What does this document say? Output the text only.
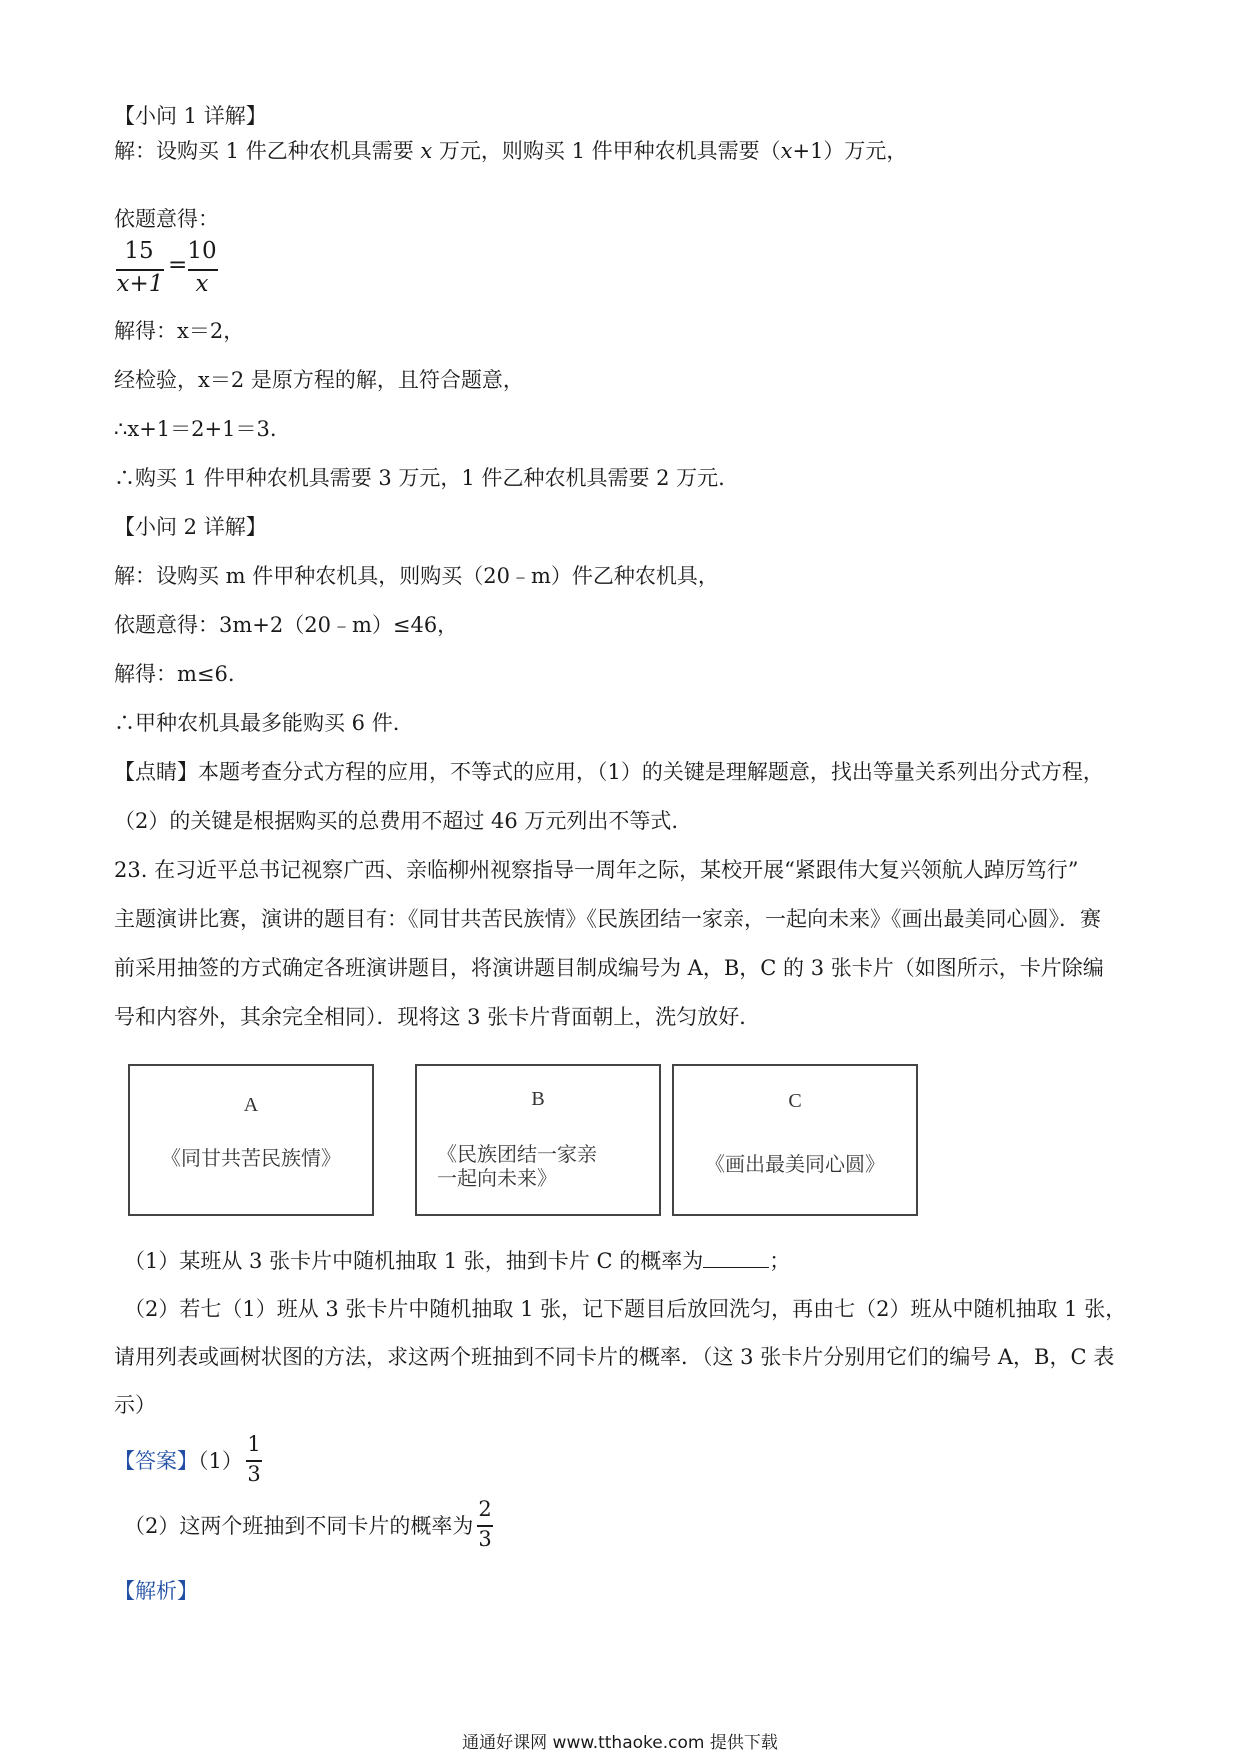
【小问 1 详解】
解：设购买 1 件乙种农机具需要 x 万元，则购买 1 件甲种农机具需要（x+1）万元，
依题意得：
15
x+1
=
10
x
解得：x＝2，
经检验，x＝2 是原方程的解，且符合题意，
∴x+1＝2+1＝3.
∴购买 1 件甲种农机具需要 3 万元，1 件乙种农机具需要 2 万元.
【小问 2 详解】
解：设购买 m 件甲种农机具，则购买（20﹣m）件乙种农机具，
依题意得：3m+2（20﹣m）≤46，
解得：m≤6.
∴甲种农机具最多能购买 6 件.
【点睛】本题考查分式方程的应用，不等式的应用，（1）的关键是理解题意，找出等量关系列出分式方程，
（2）的关键是根据购买的总费用不超过 46 万元列出不等式.
23. 在习近平总书记视察广西、亲临柳州视察指导一周年之际，某校开展“紧跟伟大复兴领航人踔厉笃行”
主题演讲比赛，演讲的题目有：《同甘共苦民族情》《民族团结一家亲，一起向未来》《画出最美同心圆》．赛
前采用抽签的方式确定各班演讲题目，将演讲题目制成编号为 A，B，C 的 3 张卡片（如图所示，卡片除编
号和内容外，其余完全相同）．现将这 3 张卡片背面朝上，洗匀放好．
A
《同甘共苦民族情》
B
《民族团结一家亲
一起向未来》
C
《画出最美同心圆》
（1）某班从 3 张卡片中随机抽取 1 张，抽到卡片 C 的概率为	；
（2）若七（1）班从 3 张卡片中随机抽取 1 张，记下题目后放回洗匀，再由七（2）班从中随机抽取 1 张，
请用列表或画树状图的方法，求这两个班抽到不同卡片的概率．（这 3 张卡片分别用它们的编号 A，B，C 表
示）
【答案】（1）
1
3
（2）这两个班抽到不同卡片的概率为
2
3
【解析】
通通好课网 www.tthaoke.com 提供下载
